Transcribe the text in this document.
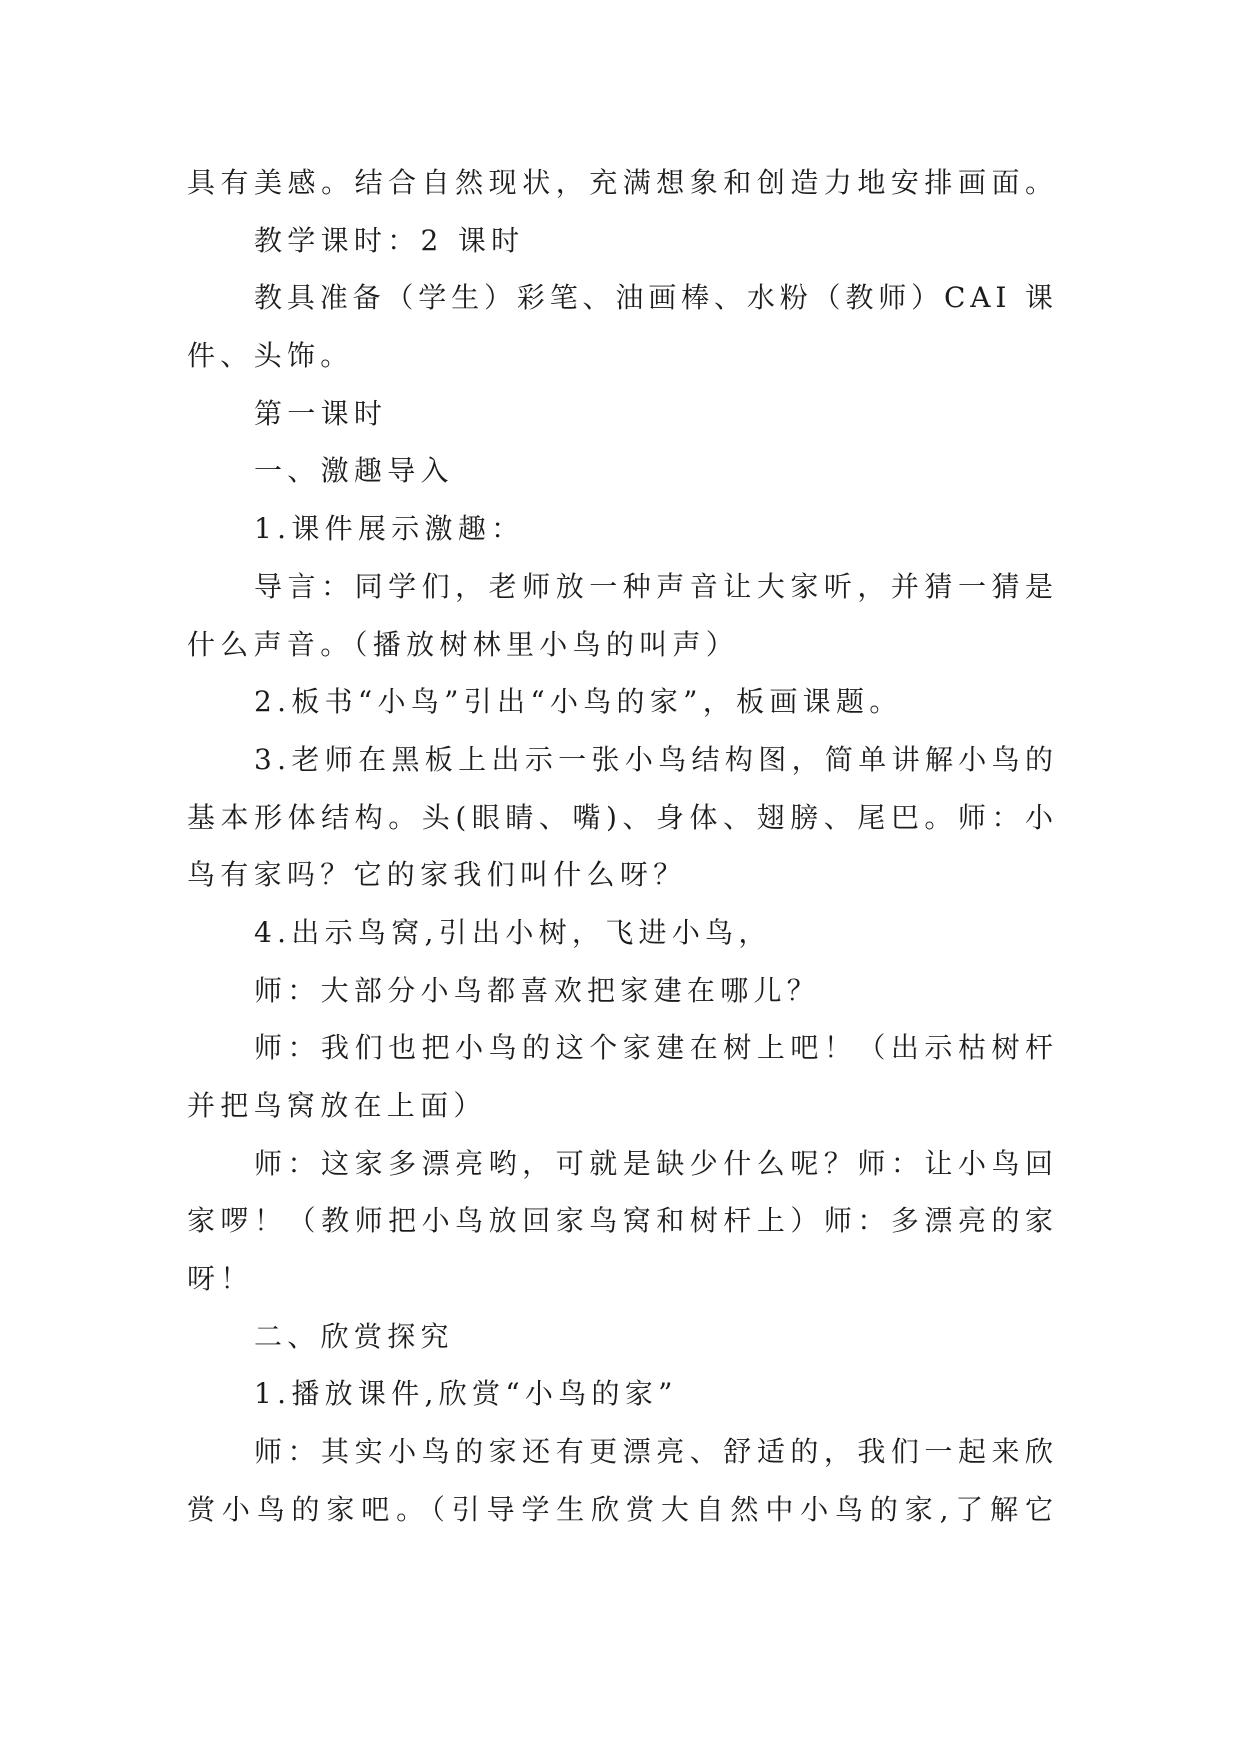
具有美感。结合自然现状，充满想象和创造力地安排画面。
教学课时：2 课时
教具准备（学生）彩笔、油画棒、水粉（教师）CAI 课
件、头饰。
第一课时
一、激趣导入
1.课件展示激趣：
导言：同学们，老师放一种声音让大家听，并猜一猜是
什么声音。（播放树林里小鸟的叫声）
2.板书“小鸟”引出“小鸟的家”，板画课题。
3.老师在黑板上出示一张小鸟结构图，简单讲解小鸟的
基本形体结构。头(眼睛、嘴)、身体、翅膀、尾巴。师：小
鸟有家吗？它的家我们叫什么呀？
4.出示鸟窝,引出小树，飞进小鸟，
师：大部分小鸟都喜欢把家建在哪儿？
师：我们也把小鸟的这个家建在树上吧！（出示枯树杆
并把鸟窝放在上面）
师：这家多漂亮哟，可就是缺少什么呢？师：让小鸟回
家啰！（教师把小鸟放回家鸟窝和树杆上）师：多漂亮的家
呀！
二、欣赏探究
1.播放课件,欣赏“小鸟的家”
师：其实小鸟的家还有更漂亮、舒适的，我们一起来欣
赏小鸟的家吧。（引导学生欣赏大自然中小鸟的家,了解它
